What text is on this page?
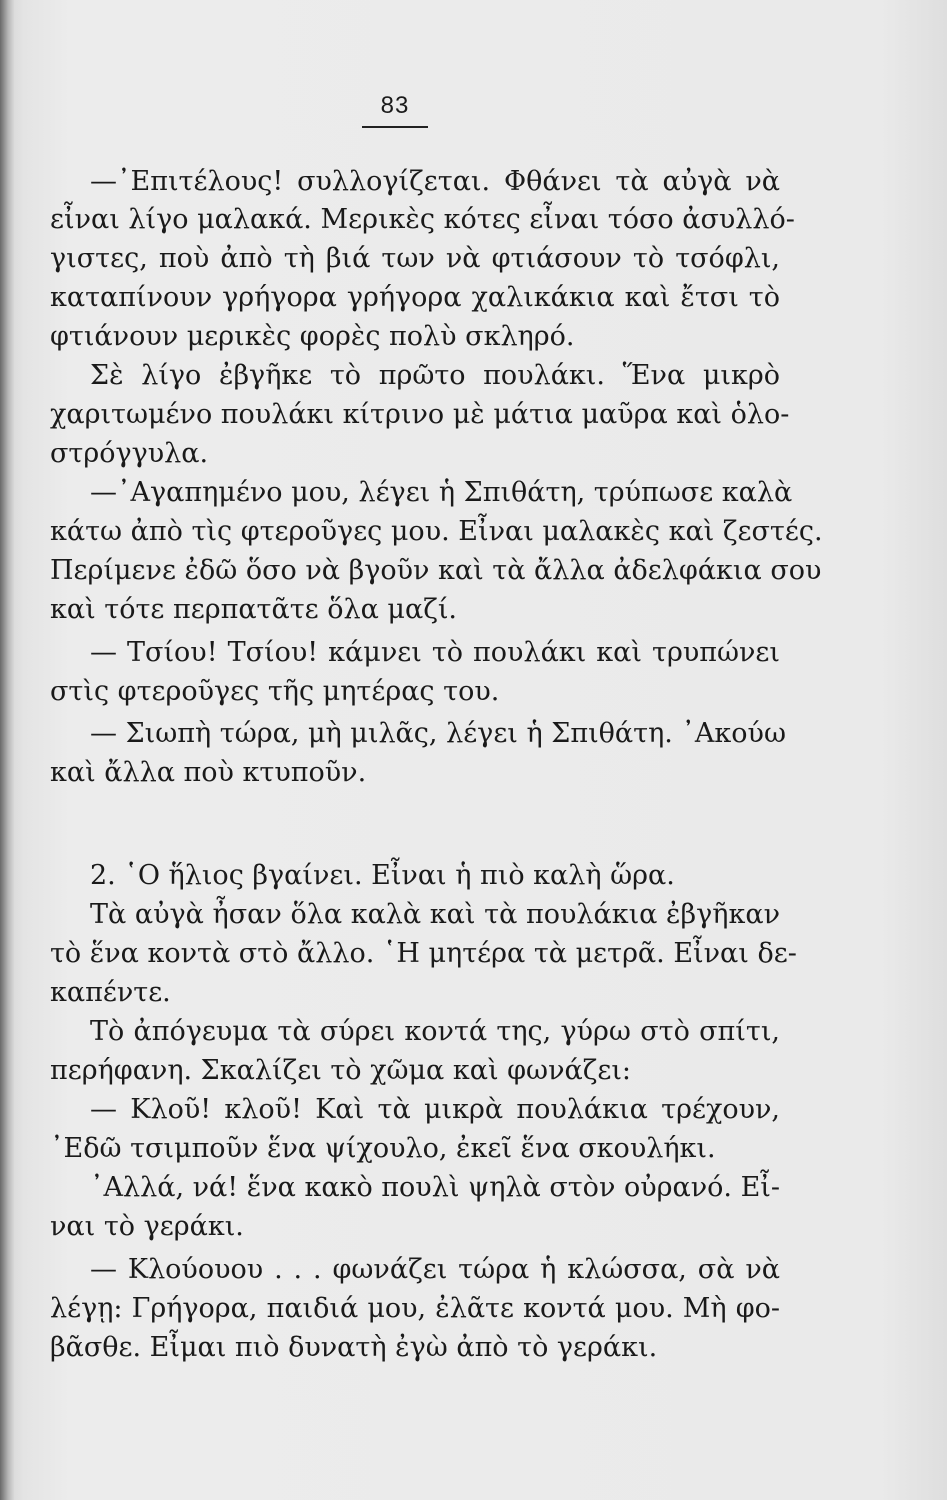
83
—᾿Επιτέλους! συλλογίζεται. Φθάνει τὰ αὐγὰ νὰ
εἶναι λίγο μαλακά. Μερικὲς κότες εἶναι τόσο ἀσυλλό-
γιστες, ποὺ ἀπὸ τὴ βιά των νὰ φτιάσουν τὸ τσόφλι,
καταπίνουν γρήγορα γρήγορα χαλικάκια καὶ ἔτσι τὸ
φτιάνουν μερικὲς φορὲς πολὺ σκληρό.
Σὲ λίγο ἐβγῆκε τὸ πρῶτο πουλάκι. Ἕνα μικρὸ
χαριτωμένο πουλάκι κίτρινο μὲ μάτια μαῦρα καὶ ὁλο-
στρόγγυλα.
—᾿Αγαπημένο μου, λέγει ἡ Σπιθάτη, τρύπωσε καλὰ
κάτω ἀπὸ τὶς φτεροῦγες μου. Εἶναι μαλακὲς καὶ ζεστές.
Περίμενε ἐδῶ ὅσο νὰ βγοῦν καὶ τὰ ἄλλα ἀδελφάκια σου
καὶ τότε περπατᾶτε ὅλα μαζί.
— Τσίου! Τσίου! κάμνει τὸ πουλάκι καὶ τρυπώνει
στὶς φτεροῦγες τῆς μητέρας του.
— Σιωπὴ τώρα, μὴ μιλᾶς, λέγει ἡ Σπιθάτη. ᾿Ακούω
καὶ ἄλλα ποὺ κτυποῦν.
2. ῾Ο ἥλιος βγαίνει. Εἶναι ἡ πιὸ καλὴ ὥρα.
Τὰ αὐγὰ ἦσαν ὅλα καλὰ καὶ τὰ πουλάκια ἐβγῆκαν
τὸ ἕνα κοντὰ στὸ ἄλλο. ῾Η μητέρα τὰ μετρᾶ. Εἶναι δε-
καπέντε.
Τὸ ἀπόγευμα τὰ σύρει κοντά της, γύρω στὸ σπίτι,
περήφανη. Σκαλίζει τὸ χῶμα καὶ φωνάζει:
— Κλοῦ! κλοῦ! Καὶ τὰ μικρὰ πουλάκια τρέχουν,
᾿Εδῶ τσιμποῦν ἕνα ψίχουλο, ἐκεῖ ἕνα σκουλήκι.
᾿Αλλά, νά! ἕνα κακὸ πουλὶ ψηλὰ στὸν οὐρανό. Εἶ-
ναι τὸ γεράκι.
— Κλούουου . . . φωνάζει τώρα ἡ κλώσσα, σὰ νὰ
λέγῃ: Γρήγορα, παιδιά μου, ἐλᾶτε κοντά μου. Μὴ φο-
βᾶσθε. Εἶμαι πιὸ δυνατὴ ἐγὼ ἀπὸ τὸ γεράκι.
